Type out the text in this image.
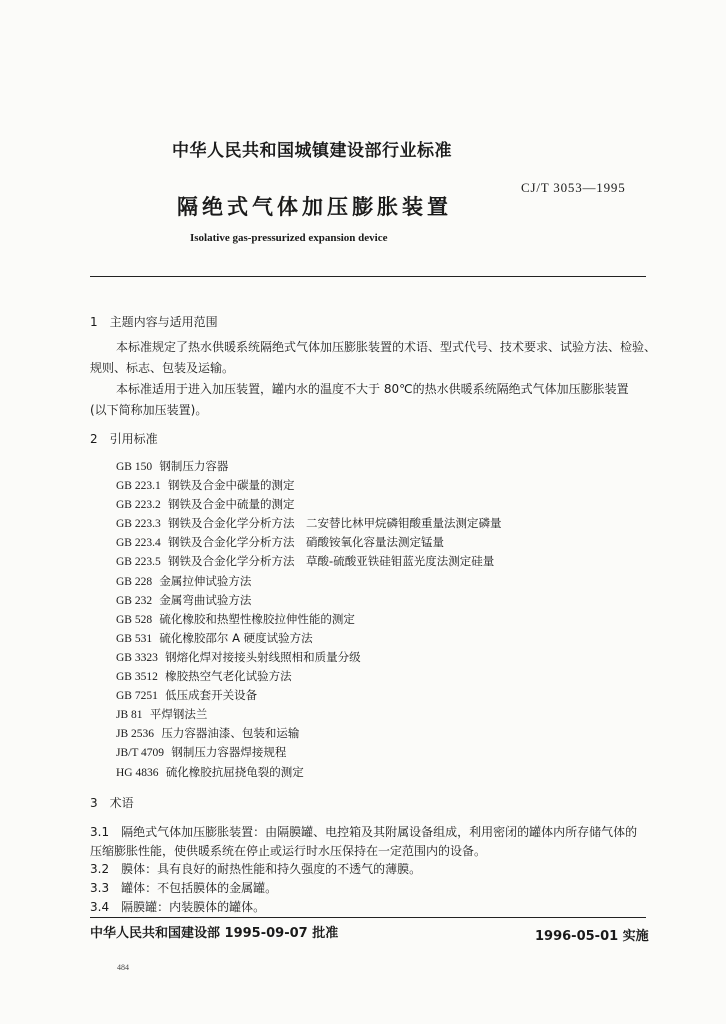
中华人民共和国城镇建设部行业标准
CJ/T 3053—1995
隔绝式气体加压膨胀装置
Isolative gas-pressurized expansion device
1　主题内容与适用范围
本标准规定了热水供暖系统隔绝式气体加压膨胀装置的术语、型式代号、技术要求、试验方法、检验、
规则、标志、包装及运输。
本标准适用于进入加压装置，罐内水的温度不大于 80℃的热水供暖系统隔绝式气体加压膨胀装置
(以下简称加压装置)。
2　引用标准
GB 150 钢制压力容器
GB 223.1 钢铁及合金中碳量的测定
GB 223.2 钢铁及合金中硫量的测定
GB 223.3 钢铁及合金化学分析方法　二安替比林甲烷磷钼酸重量法测定磷量
GB 223.4 钢铁及合金化学分析方法　硝酸铵氧化容量法测定锰量
GB 223.5 钢铁及合金化学分析方法　草酸-硫酸亚铁硅钼蓝光度法测定硅量
GB 228 金属拉伸试验方法
GB 232 金属弯曲试验方法
GB 528 硫化橡胶和热塑性橡胶拉伸性能的测定
GB 531 硫化橡胶邵尔 A 硬度试验方法
GB 3323 钢熔化焊对接接头射线照相和质量分级
GB 3512 橡胶热空气老化试验方法
GB 7251 低压成套开关设备
JB 81 平焊钢法兰
JB 2536 压力容器油漆、包装和运输
JB/T 4709 钢制压力容器焊接规程
HG 4836 硫化橡胶抗屈挠龟裂的测定
3　术语
3.1　隔绝式气体加压膨胀装置：由隔膜罐、电控箱及其附属设备组成，利用密闭的罐体内所存储气体的
压缩膨胀性能，使供暖系统在停止或运行时水压保持在一定范围内的设备。
3.2　膜体：具有良好的耐热性能和持久强度的不透气的薄膜。
3.3　罐体：不包括膜体的金属罐。
3.4　隔膜罐：内装膜体的罐体。
中华人民共和国建设部 1995-09-07 批准	1996-05-01 实施
484
